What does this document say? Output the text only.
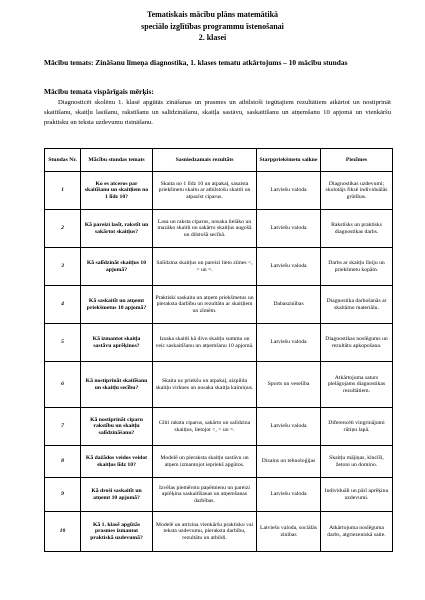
Tematiskais mācību plāns matemātikā
speciālo izglītības programmu īstenošanai
2. klasei
Mācību temats: Zināšanu līmeņa diagnostika, 1. klases tematu atkārtojums – 10 mācību stundas
Mācību temata vispārīgais mērķis:
Diagnosticēt skolēnu 1. klasē apgūtās zināšanas un prasmes un atbilstoši iegūtajiem rezultātiem atkārtot un nostiprināt skaitīšanu, skaitļu lasīšanu, rakstīšanu un salīdzināšanu, skaitļa sastāvu, saskaitīšanu un atņemšanu 10 apjomā un vienkāršu praktisku un teksta uzdevumu risināšanu.
Stundas Nr.	Mācību stundas temats	Sasniedzamais rezultāts	Starppriekšmetu saikne	Piezīmes
1	Ko es atceros par skaitīšanu un skaitļiem no 1 līdz 10?	Skaita no 1 līdz 10 un atpakaļ, sasaista priekšmetu skaitu ar atbilstošu skaitli un atpazīst ciparus.	Latviešu valoda	Diagnostikas uzdevumi; skolotājs fiksē individuālās grūtības.
2	Kā pareizi lasīt, rakstīt un sakārtot skaitļus?	Lasa un raksta ciparus, nosaka lielāko un mazāko skaitli un sakārto skaitļus augošā un dilstošā secībā.	Latviešu valoda	Rakstīsks un praktisks diagnostikas darbs.
3	Kā salīdzināt skaitļus 10 apjomā?	Salīdzina skaitļus un pareizi lieto zīmes <, > un =.	Latviešu valoda	Darbs ar skaitļu līniju un priekšmetu kopām.
4	Kā saskaitīt un atņemt priekšmetus 10 apjomā?	Praktiski saskaita un atņem priekšmetus un pieraksta darbību un rezultātu ar skaitļiem un zīmēm.	Dabaszinības	Diagnostika darbošanās ar skaitāmo materiālu.
5	Kā izmantot skaitļa sastāvu aprēķinos?	Izsaka skaitli kā divu skaitļu summu un veic saskaitīšanu un atņemšanu 10 apjomā.	Latviešu valoda	Diagnostikas noslēgums un rezultātu apkopošana.
6	Kā nostiprināt skaitīšanu un skaitļu secību?	Skaita uz priekšu un atpakaļ, aizpilda skaitļu virknes un nosaka skaitļa kaimiņus.	Sports un veselība	Atkārtojuma saturs pielāgojams diagnostikas rezultātiem.
7	Kā nostiprināt ciparu rakstību un skaitļu salīdzināšanu?	Glīti raksta ciparus, sakārto un salīdzina skaitļus, lietojot <, > un =.	Latviešu valoda	Diferencēti vingrinājumi rūtiņu lapā.
8	Kā dažādos veidos veidot skaitļus līdz 10?	Modelē un pieraksta skaitļu sastāvu un atņem izmantojot iepriekš apgūtos.	Dizains un tehnoloģijas	Skaitļu mājiņas, klucīši, žetoni un domino.
9	Kā droši saskaitīt un atņemt 10 apjomā?	Izvēlas piemērotu paņēmienu un pareizi aprēķina saskaitīšanas un atņemšanas darbības.	Latviešu valoda	Individuāli un pārī aprēķinu uzdevumi.
10	Kā 1. klasē apgūtās prasmes izmantot praktiskā uzdevumā?	Modelē un atrisina vienkāršu praktisku vai teksta uzdevumu, pieraksta darbību, rezultātu un atbildi.	Latviešu valoda, sociālās zinības	Atkārtojuma noslēguma darbs, atgriezeniskā saite.
